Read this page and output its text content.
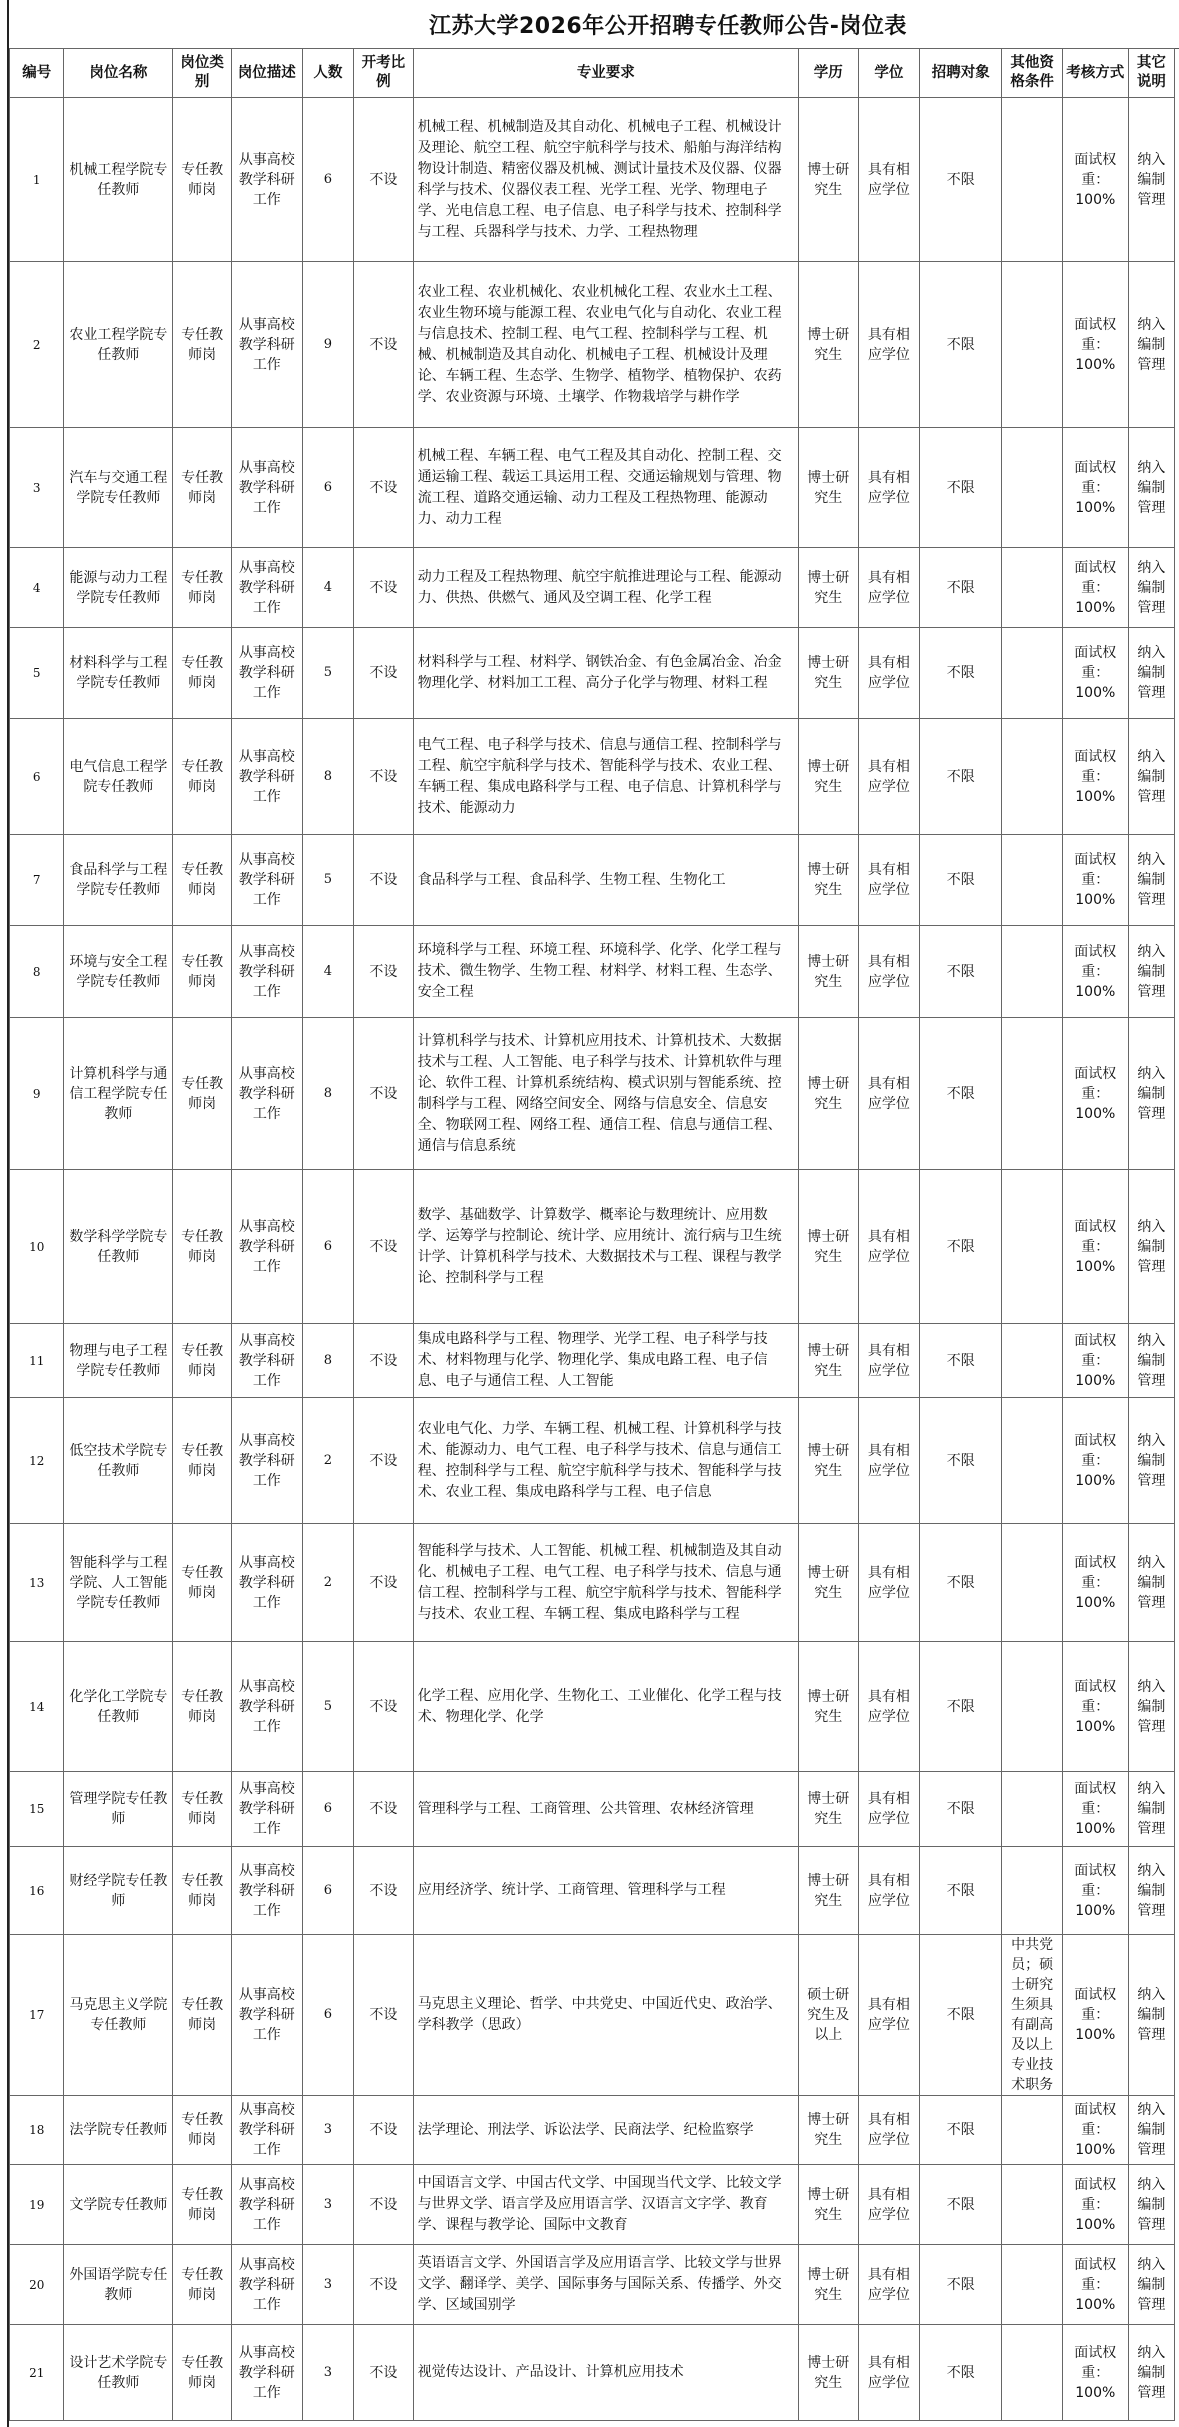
江苏大学2026年公开招聘专任教师公告-岗位表
编号	岗位名称	岗位类别	岗位描述	人数	开考比例	专业要求	学历	学位	招聘对象	其他资格条件	考核方式	其它说明
1	机械工程学院专任教师	专任教师岗	从事高校教学科研工作	6	不设	机械工程、机械制造及其自动化、机械电子工程、机械设计及理论、航空工程、航空宇航科学与技术、船舶与海洋结构物设计制造、精密仪器及机械、测试计量技术及仪器、仪器科学与技术、仪器仪表工程、光学工程、光学、物理电子学、光电信息工程、电子信息、电子科学与技术、控制科学与工程、兵器科学与技术、力学、工程热物理	博士研究生	具有相应学位	不限		面试权重：100%	纳入编制管理
2	农业工程学院专任教师	专任教师岗	从事高校教学科研工作	9	不设	农业工程、农业机械化、农业机械化工程、农业水土工程、农业生物环境与能源工程、农业电气化与自动化、农业工程与信息技术、控制工程、电气工程、控制科学与工程、机械、机械制造及其自动化、机械电子工程、机械设计及理论、车辆工程、生态学、生物学、植物学、植物保护、农药学、农业资源与环境、土壤学、作物栽培学与耕作学	博士研究生	具有相应学位	不限		面试权重：100%	纳入编制管理
3	汽车与交通工程学院专任教师	专任教师岗	从事高校教学科研工作	6	不设	机械工程、车辆工程、电气工程及其自动化、控制工程、交通运输工程、载运工具运用工程、交通运输规划与管理、物流工程、道路交通运输、动力工程及工程热物理、能源动力、动力工程	博士研究生	具有相应学位	不限		面试权重：100%	纳入编制管理
4	能源与动力工程学院专任教师	专任教师岗	从事高校教学科研工作	4	不设	动力工程及工程热物理、航空宇航推进理论与工程、能源动力、供热、供燃气、通风及空调工程、化学工程	博士研究生	具有相应学位	不限		面试权重：100%	纳入编制管理
5	材料科学与工程学院专任教师	专任教师岗	从事高校教学科研工作	5	不设	材料科学与工程、材料学、钢铁冶金、有色金属冶金、冶金物理化学、材料加工工程、高分子化学与物理、材料工程	博士研究生	具有相应学位	不限		面试权重：100%	纳入编制管理
6	电气信息工程学院专任教师	专任教师岗	从事高校教学科研工作	8	不设	电气工程、电子科学与技术、信息与通信工程、控制科学与工程、航空宇航科学与技术、智能科学与技术、农业工程、车辆工程、集成电路科学与工程、电子信息、计算机科学与技术、能源动力	博士研究生	具有相应学位	不限		面试权重：100%	纳入编制管理
7	食品科学与工程学院专任教师	专任教师岗	从事高校教学科研工作	5	不设	食品科学与工程、食品科学、生物工程、生物化工	博士研究生	具有相应学位	不限		面试权重：100%	纳入编制管理
8	环境与安全工程学院专任教师	专任教师岗	从事高校教学科研工作	4	不设	环境科学与工程、环境工程、环境科学、化学、化学工程与技术、微生物学、生物工程、材料学、材料工程、生态学、安全工程	博士研究生	具有相应学位	不限		面试权重：100%	纳入编制管理
9	计算机科学与通信工程学院专任教师	专任教师岗	从事高校教学科研工作	8	不设	计算机科学与技术、计算机应用技术、计算机技术、大数据技术与工程、人工智能、电子科学与技术、计算机软件与理论、软件工程、计算机系统结构、模式识别与智能系统、控制科学与工程、网络空间安全、网络与信息安全、信息安全、物联网工程、网络工程、通信工程、信息与通信工程、通信与信息系统	博士研究生	具有相应学位	不限		面试权重：100%	纳入编制管理
10	数学科学学院专任教师	专任教师岗	从事高校教学科研工作	6	不设	数学、基础数学、计算数学、概率论与数理统计、应用数学、运筹学与控制论、统计学、应用统计、流行病与卫生统计学、计算机科学与技术、大数据技术与工程、课程与教学论、控制科学与工程	博士研究生	具有相应学位	不限		面试权重：100%	纳入编制管理
11	物理与电子工程学院专任教师	专任教师岗	从事高校教学科研工作	8	不设	集成电路科学与工程、物理学、光学工程、电子科学与技术、材料物理与化学、物理化学、集成电路工程、电子信息、电子与通信工程、人工智能	博士研究生	具有相应学位	不限		面试权重：100%	纳入编制管理
12	低空技术学院专任教师	专任教师岗	从事高校教学科研工作	2	不设	农业电气化、力学、车辆工程、机械工程、计算机科学与技术、能源动力、电气工程、电子科学与技术、信息与通信工程、控制科学与工程、航空宇航科学与技术、智能科学与技术、农业工程、集成电路科学与工程、电子信息	博士研究生	具有相应学位	不限		面试权重：100%	纳入编制管理
13	智能科学与工程学院、人工智能学院专任教师	专任教师岗	从事高校教学科研工作	2	不设	智能科学与技术、人工智能、机械工程、机械制造及其自动化、机械电子工程、电气工程、电子科学与技术、信息与通信工程、控制科学与工程、航空宇航科学与技术、智能科学与技术、农业工程、车辆工程、集成电路科学与工程	博士研究生	具有相应学位	不限		面试权重：100%	纳入编制管理
14	化学化工学院专任教师	专任教师岗	从事高校教学科研工作	5	不设	化学工程、应用化学、生物化工、工业催化、化学工程与技术、物理化学、化学	博士研究生	具有相应学位	不限		面试权重：100%	纳入编制管理
15	管理学院专任教师	专任教师岗	从事高校教学科研工作	6	不设	管理科学与工程、工商管理、公共管理、农林经济管理	博士研究生	具有相应学位	不限		面试权重：100%	纳入编制管理
16	财经学院专任教师	专任教师岗	从事高校教学科研工作	6	不设	应用经济学、统计学、工商管理、管理科学与工程	博士研究生	具有相应学位	不限		面试权重：100%	纳入编制管理
17	马克思主义学院专任教师	专任教师岗	从事高校教学科研工作	6	不设	马克思主义理论、哲学、中共党史、中国近代史、政治学、学科教学（思政）	硕士研究生及以上	具有相应学位	不限	中共党员；硕士研究生须具有副高及以上专业技术职务	面试权重：100%	纳入编制管理
18	法学院专任教师	专任教师岗	从事高校教学科研工作	3	不设	法学理论、刑法学、诉讼法学、民商法学、纪检监察学	博士研究生	具有相应学位	不限		面试权重：100%	纳入编制管理
19	文学院专任教师	专任教师岗	从事高校教学科研工作	3	不设	中国语言文学、中国古代文学、中国现当代文学、比较文学与世界文学、语言学及应用语言学、汉语言文字学、教育学、课程与教学论、国际中文教育	博士研究生	具有相应学位	不限		面试权重：100%	纳入编制管理
20	外国语学院专任教师	专任教师岗	从事高校教学科研工作	3	不设	英语语言文学、外国语言学及应用语言学、比较文学与世界文学、翻译学、美学、国际事务与国际关系、传播学、外交学、区域国别学	博士研究生	具有相应学位	不限		面试权重：100%	纳入编制管理
21	设计艺术学院专任教师	专任教师岗	从事高校教学科研工作	3	不设	视觉传达设计、产品设计、计算机应用技术	博士研究生	具有相应学位	不限		面试权重：100%	纳入编制管理
